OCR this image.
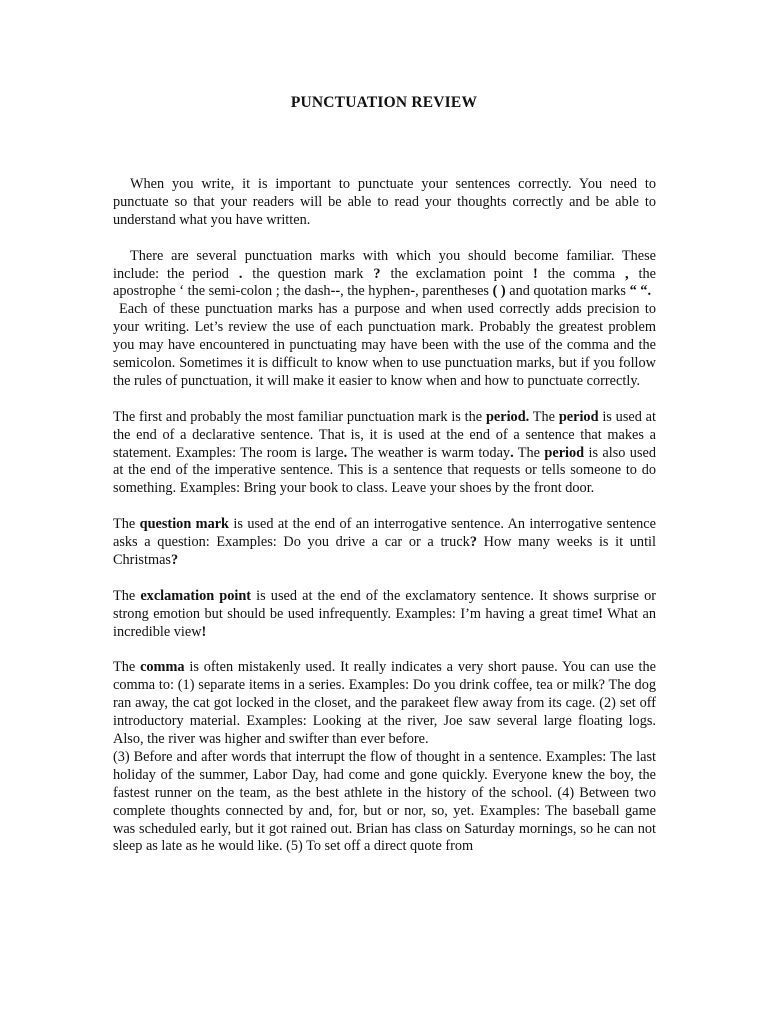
PUNCTUATION REVIEW

When you write, it is important to punctuate your sentences correctly. You need to punctuate so that your readers will be able to read your thoughts correctly and be able to understand what you have written.

There are several punctuation marks with which you should become familiar. These include: the period . the question mark ? the exclamation point ! the comma , the apostrophe ‘ the semi-colon ; the dash--, the hyphen-, parentheses ( ) and quotation marks “ “.

Each of these punctuation marks has a purpose and when used correctly adds precision to your writing. Let’s review the use of each punctuation mark. Probably the greatest problem you may have encountered in punctuating may have been with the use of the comma and the semicolon. Sometimes it is difficult to know when to use punctuation marks, but if you follow the rules of punctuation, it will make it easier to know when and how to punctuate correctly.

The first and probably the most familiar punctuation mark is the period. The period is used at the end of a declarative sentence. That is, it is used at the end of a sentence that makes a statement. Examples: The room is large. The weather is warm today. The period is also used at the end of the imperative sentence. This is a sentence that requests or tells someone to do something. Examples: Bring your book to class. Leave your shoes by the front door.

The question mark is used at the end of an interrogative sentence. An interrogative sentence asks a question: Examples: Do you drive a car or a truck? How many weeks is it until Christmas?

The exclamation point is used at the end of the exclamatory sentence. It shows surprise or strong emotion but should be used infrequently. Examples: I’m having a great time! What an incredible view!

The comma is often mistakenly used. It really indicates a very short pause. You can use the comma to: (1) separate items in a series. Examples: Do you drink coffee, tea or milk? The dog ran away, the cat got locked in the closet, and the parakeet flew away from its cage. (2) set off introductory material. Examples: Looking at the river, Joe saw several large floating logs. Also, the river was higher and swifter than ever before.

(3) Before and after words that interrupt the flow of thought in a sentence. Examples: The last holiday of the summer, Labor Day, had come and gone quickly. Everyone knew the boy, the fastest runner on the team, as the best athlete in the history of the school. (4) Between two complete thoughts connected by and, for, but or nor, so, yet. Examples: The baseball game was scheduled early, but it got rained out. Brian has class on Saturday mornings, so he can not sleep as late as he would like. (5) To set off a direct quote from
